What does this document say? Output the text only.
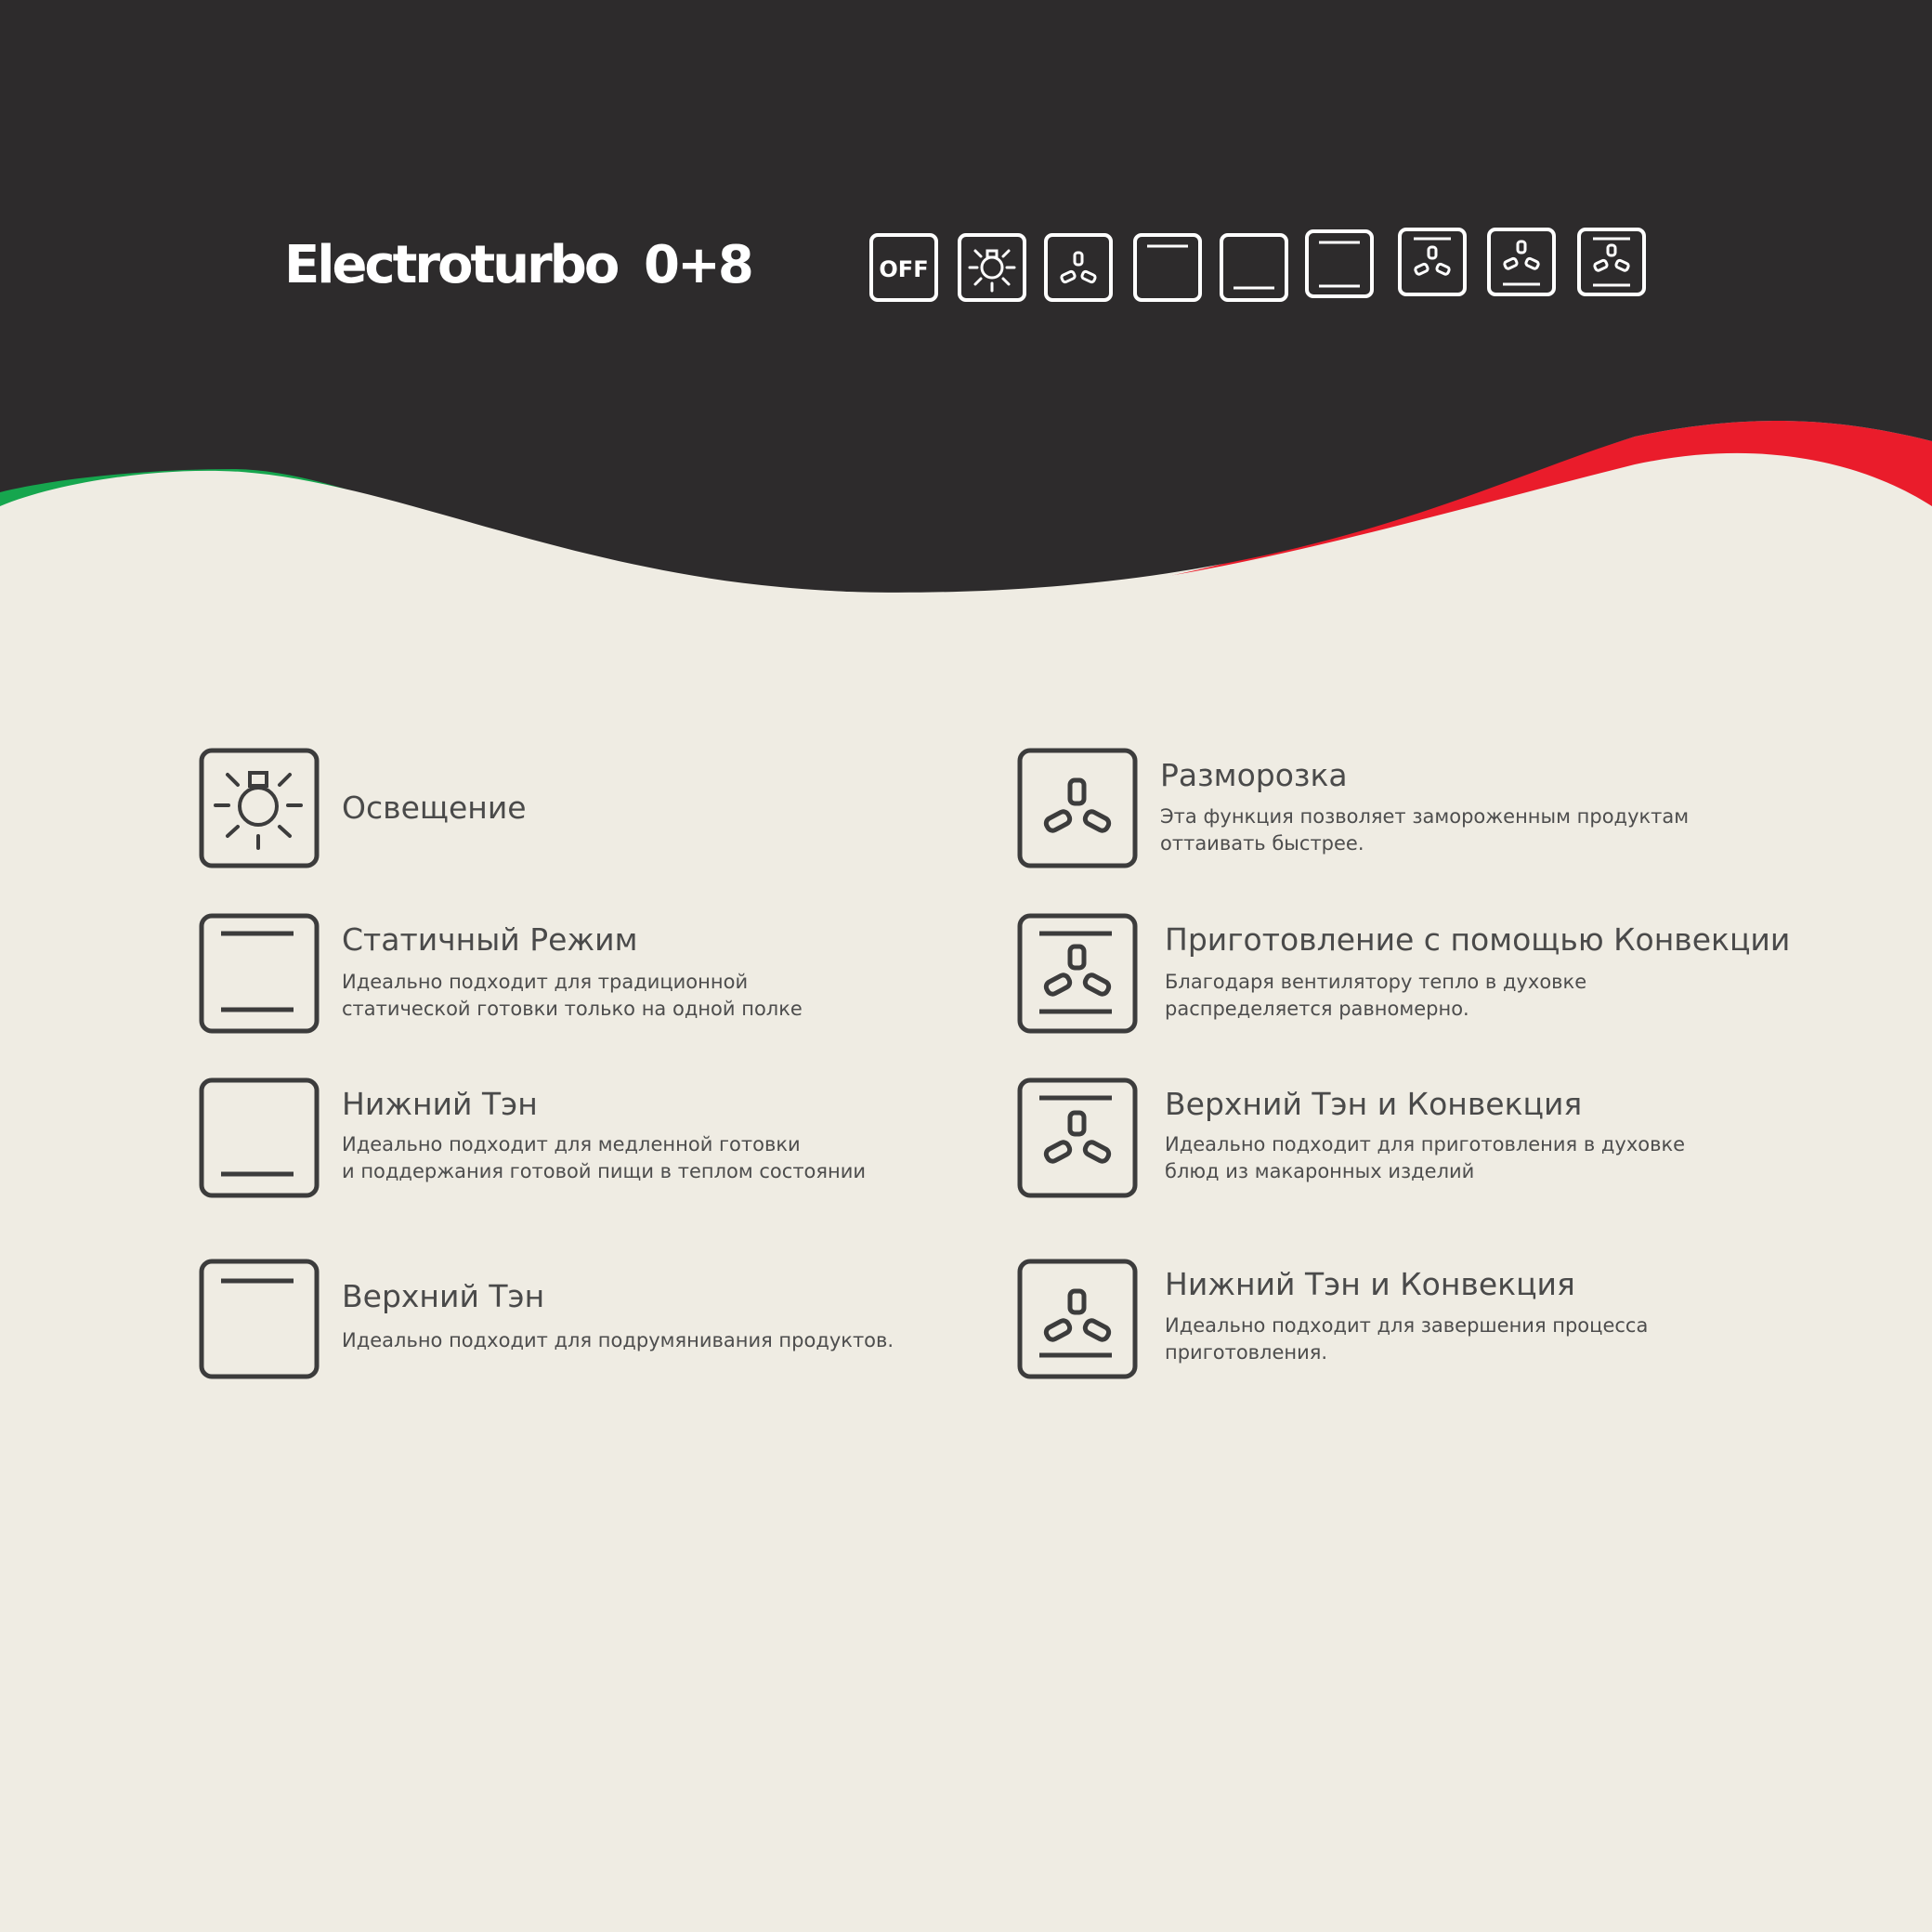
Electroturbo 0+8	OFF
Освещение
Разморозка

Эта функция позволяет замороженным продуктам
оттаивать быстрее.

Статичный Режим

Идеально подходит для традиционной
статической готовки только на одной полке

Приготовление с помощью Конвекции

Благодаря вентилятору тепло в духовке
распределяется равномерно.

Нижний Тэн

Идеально подходит для медленной готовки
и поддержания готовой пищи в теплом состоянии

Верхний Тэн и Конвекция

Идеально подходит для приготовления в духовке
блюд из макаронных изделий

Верхний Тэн

Идеально подходит для подрумянивания продуктов.

Нижний Тэн и Конвекция

Идеально подходит для завершения процесса
приготовления.
